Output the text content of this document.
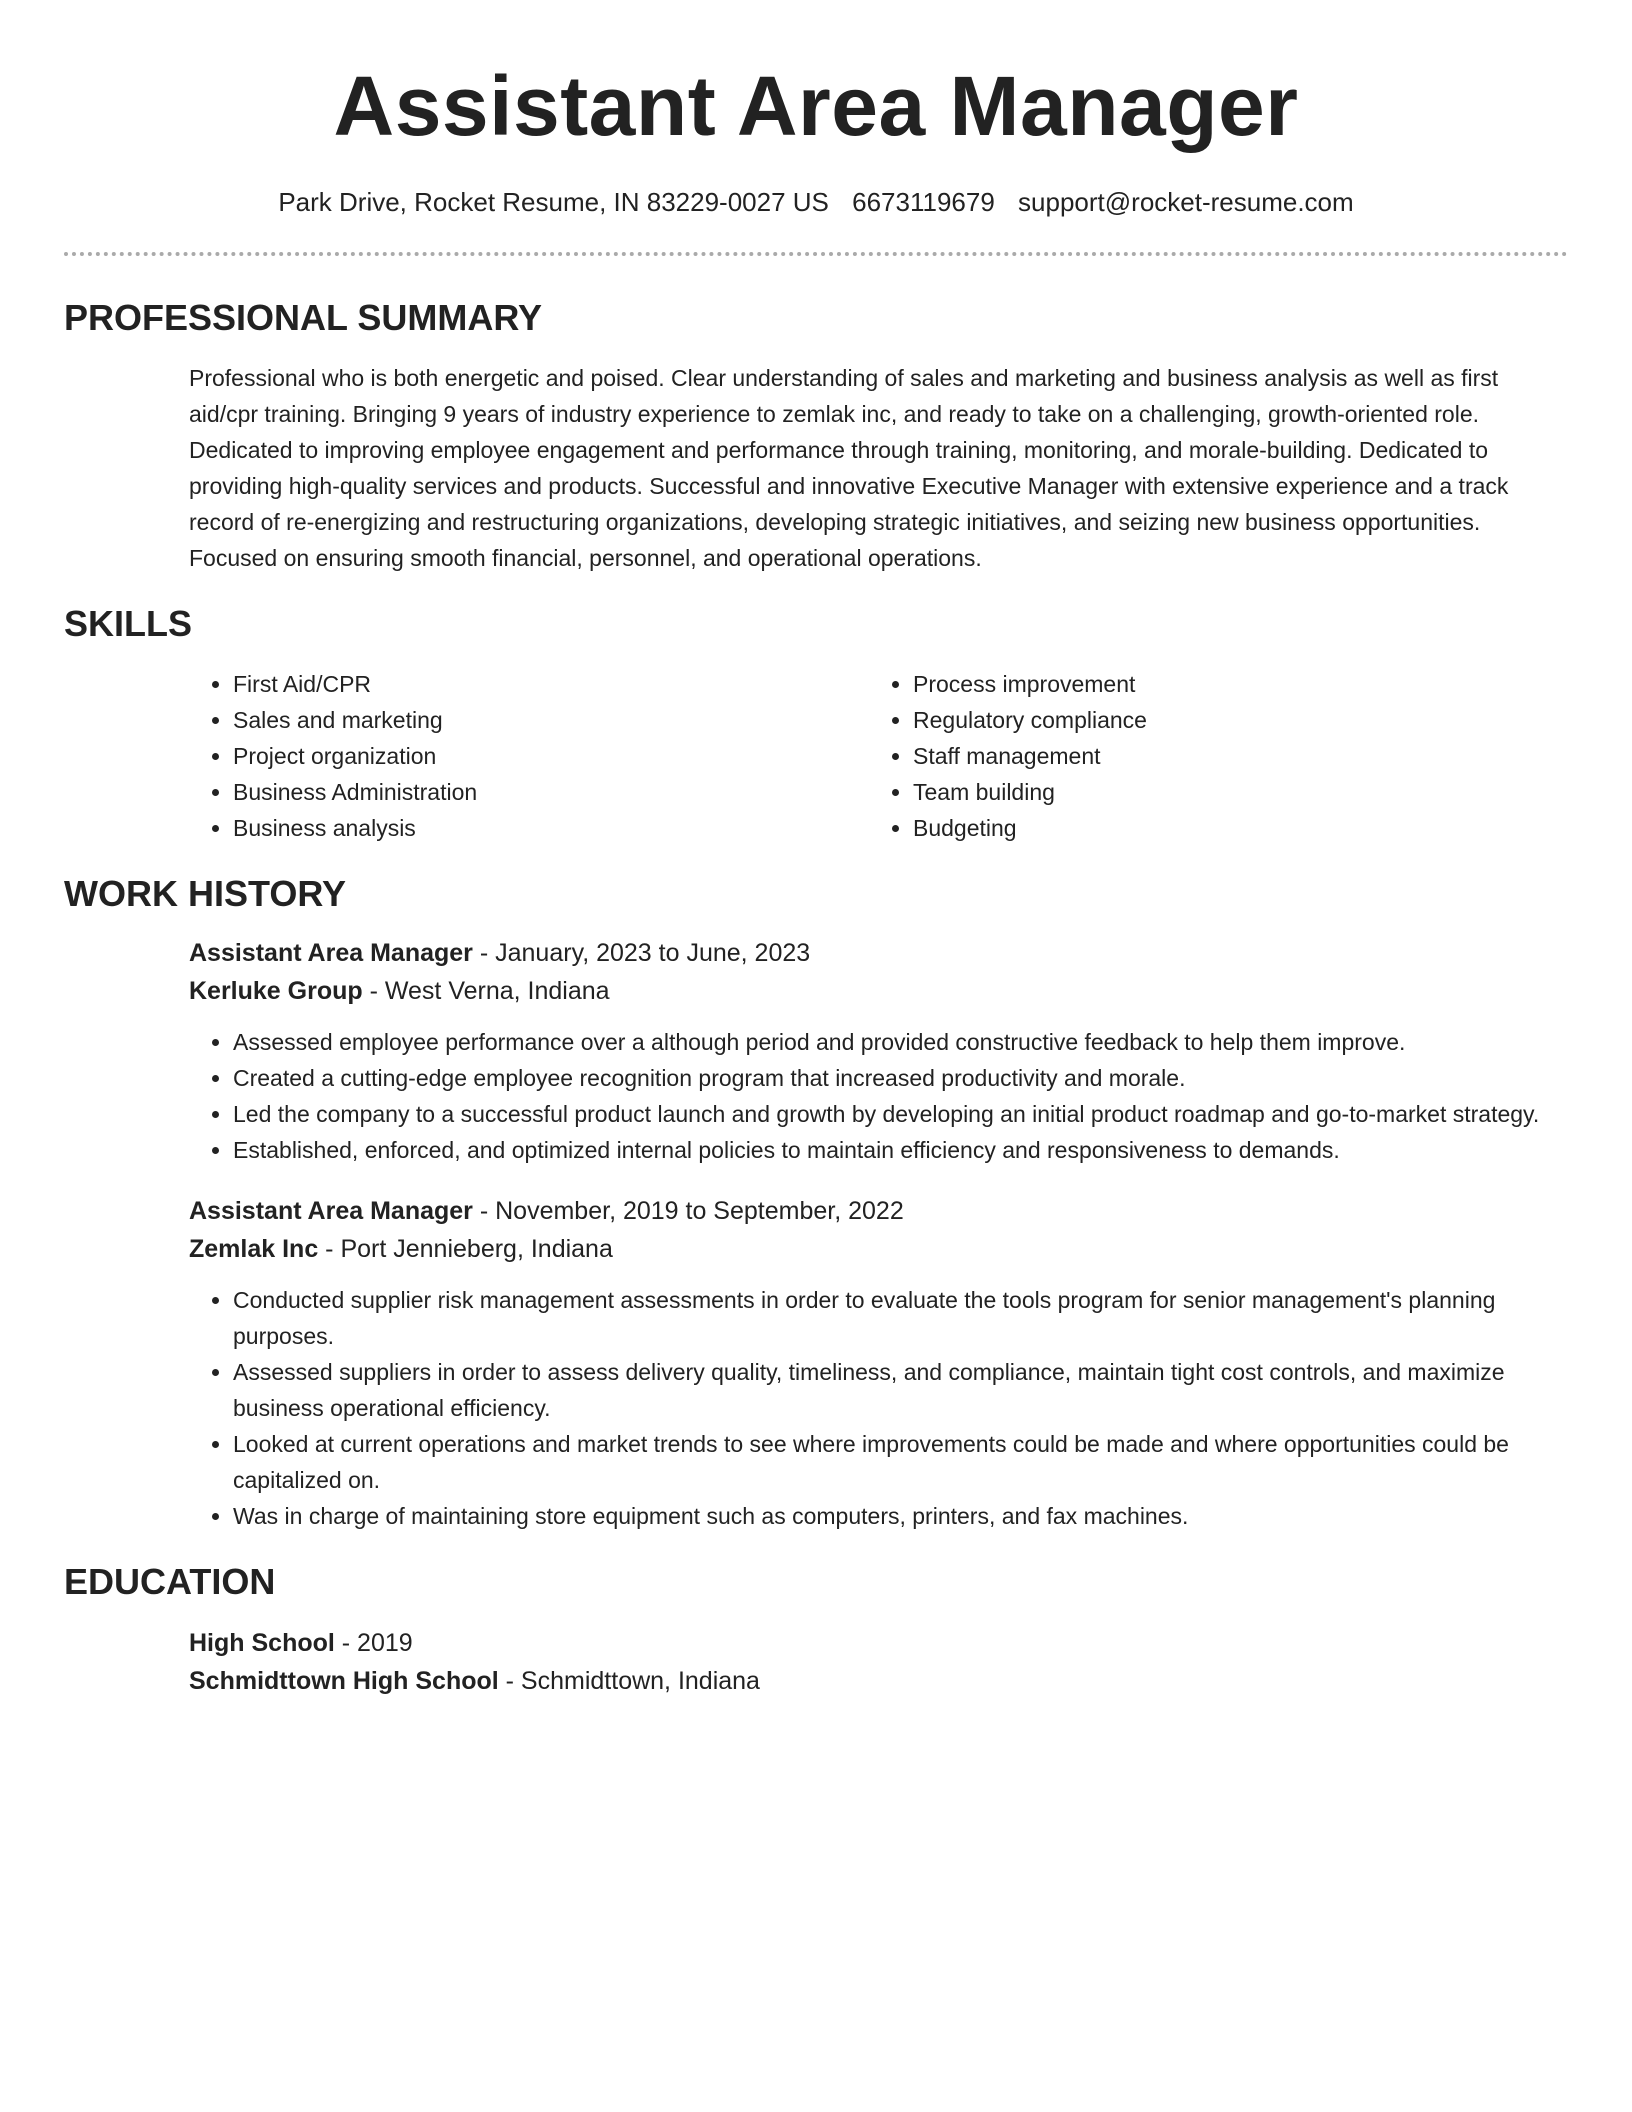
Assistant Area Manager
Park Drive, Rocket Resume, IN 83229-0027 US 6673119679 support@rocket-resume.com
PROFESSIONAL SUMMARY

Professional who is both energetic and poised. Clear understanding of sales and marketing and business analysis as well as first aid/cpr training. Bringing 9 years of industry experience to zemlak inc, and ready to take on a challenging, growth-oriented role. Dedicated to improving employee engagement and performance through training, monitoring, and morale-building. Dedicated to providing high-quality services and products. Successful and innovative Executive Manager with extensive experience and a track record of re-energizing and restructuring organizations, developing strategic initiatives, and seizing new business opportunities. Focused on ensuring smooth financial, personnel, and operational operations.

SKILLS
• First Aid/CPR
• Sales and marketing
• Project organization
• Business Administration
• Business analysis
• Process improvement
• Regulatory compliance
• Staff management
• Team building
• Budgeting
WORK HISTORY
Assistant Area Manager - January, 2023 to June, 2023
Kerluke Group - West Verna, Indiana
• Assessed employee performance over a although period and provided constructive feedback to help them improve.
• Created a cutting-edge employee recognition program that increased productivity and morale.
• Led the company to a successful product launch and growth by developing an initial product roadmap and go-to-market strategy.
• Established, enforced, and optimized internal policies to maintain efficiency and responsiveness to demands.
Assistant Area Manager - November, 2019 to September, 2022
Zemlak Inc - Port Jennieberg, Indiana
• Conducted supplier risk management assessments in order to evaluate the tools program for senior management's planning purposes.
• Assessed suppliers in order to assess delivery quality, timeliness, and compliance, maintain tight cost controls, and maximize business operational efficiency.
• Looked at current operations and market trends to see where improvements could be made and where opportunities could be capitalized on.
• Was in charge of maintaining store equipment such as computers, printers, and fax machines.
EDUCATION
High School - 2019
Schmidttown High School - Schmidttown, Indiana
